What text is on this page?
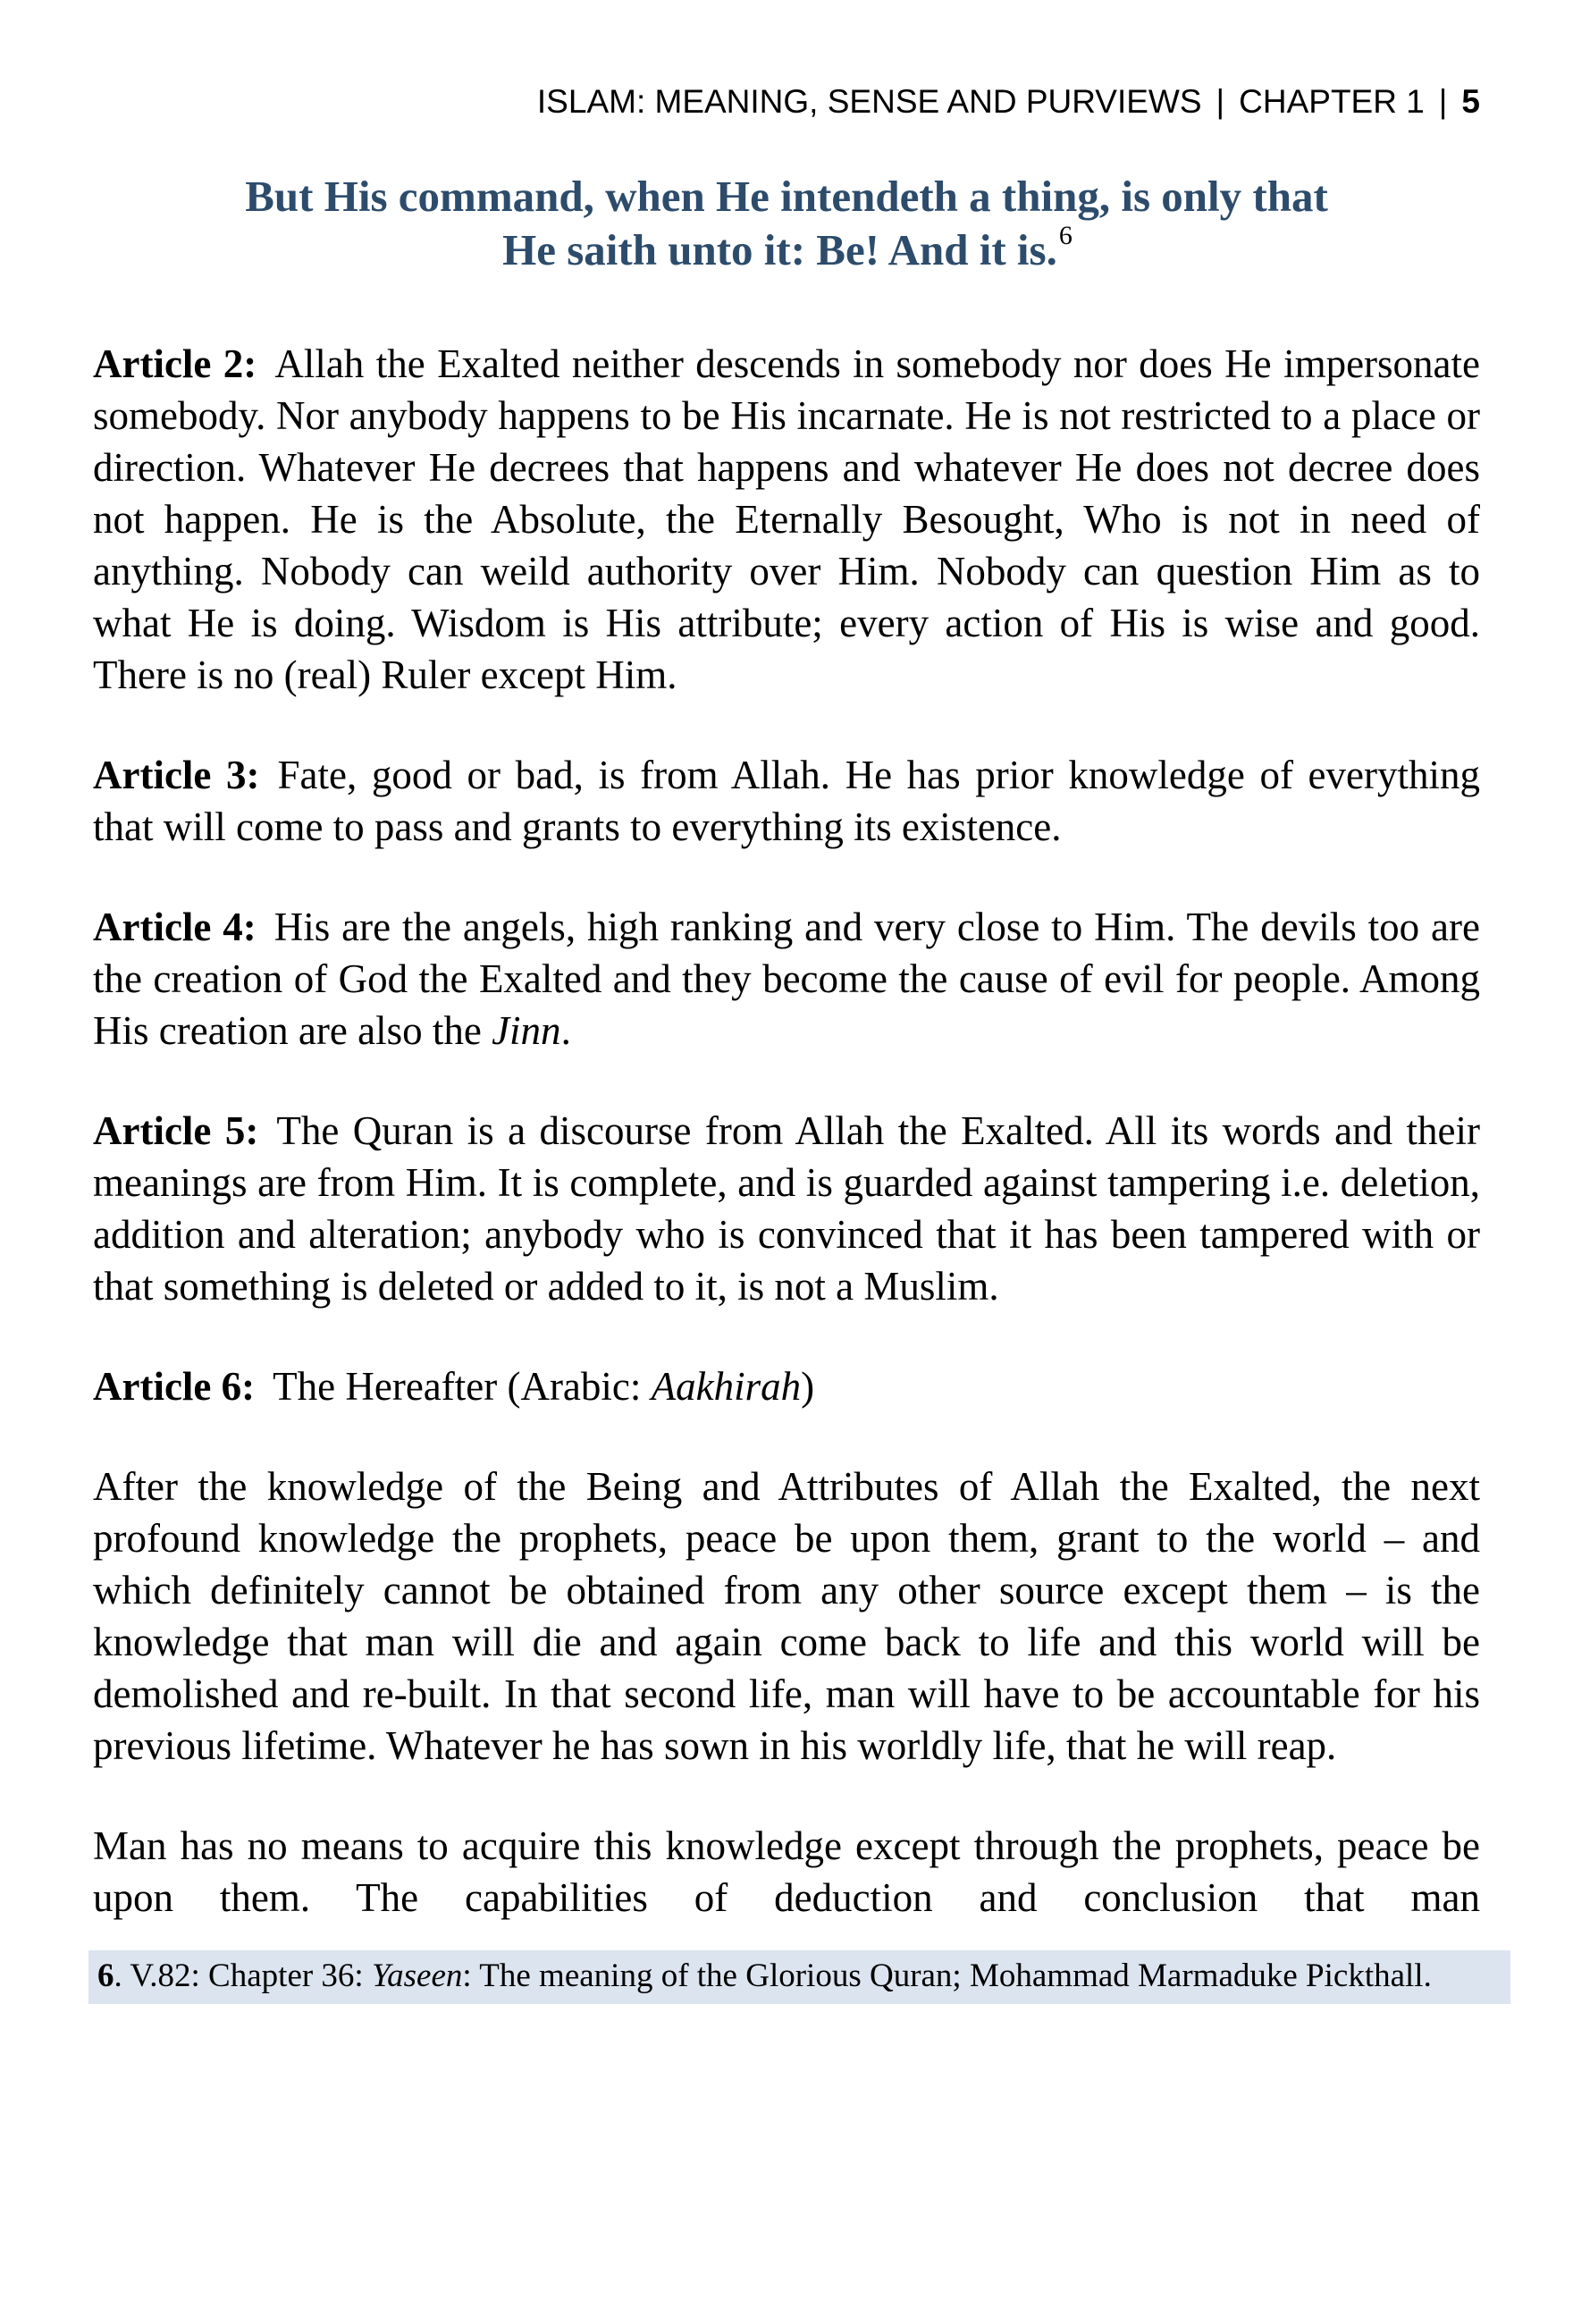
ISLAM: MEANING, SENSE AND PURVIEWS | CHAPTER 1 | 5
But His command, when He intendeth a thing, is only that
He saith unto it: Be! And it is.$^6$

Article 2: Allah the Exalted neither descends in somebody nor does He impersonate somebody. Nor anybody happens to be His incarnate. He is not restricted to a place or direction. Whatever He decrees that happens and whatever He does not decree does not happen. He is the Absolute, the Eternally Besought, Who is not in need of anything. Nobody can weild authority over Him. Nobody can question Him as to what He is doing. Wisdom is His attribute; every action of His is wise and good. There is no (real) Ruler except Him.

Article 3: Fate, good or bad, is from Allah. He has prior knowledge of everything that will come to pass and grants to everything its existence.

Article 4: His are the angels, high ranking and very close to Him. The devils too are the creation of God the Exalted and they become the cause of evil for people. Among His creation are also the Jinn.

Article 5: The Quran is a discourse from Allah the Exalted. All its words and their meanings are from Him. It is complete, and is guarded against tampering i.e. deletion, addition and alteration; anybody who is convinced that it has been tampered with or that something is deleted or added to it, is not a Muslim.

Article 6: The Hereafter (Arabic: Aakhirah)

After the knowledge of the Being and Attributes of Allah the Exalted, the next profound knowledge the prophets, peace be upon them, grant to the world – and which definitely cannot be obtained from any other source except them – is the knowledge that man will die and again come back to life and this world will be demolished and re-built. In that second life, man will have to be accountable for his previous lifetime. Whatever he has sown in his worldly life, that he will reap.

Man has no means to acquire this knowledge except through the prophets, peace be upon them. The capabilities of deduction and conclusion that man

6. V.82: Chapter 36: Yaseen: The meaning of the Glorious Quran; Mohammad Marmaduke Pickthall.
